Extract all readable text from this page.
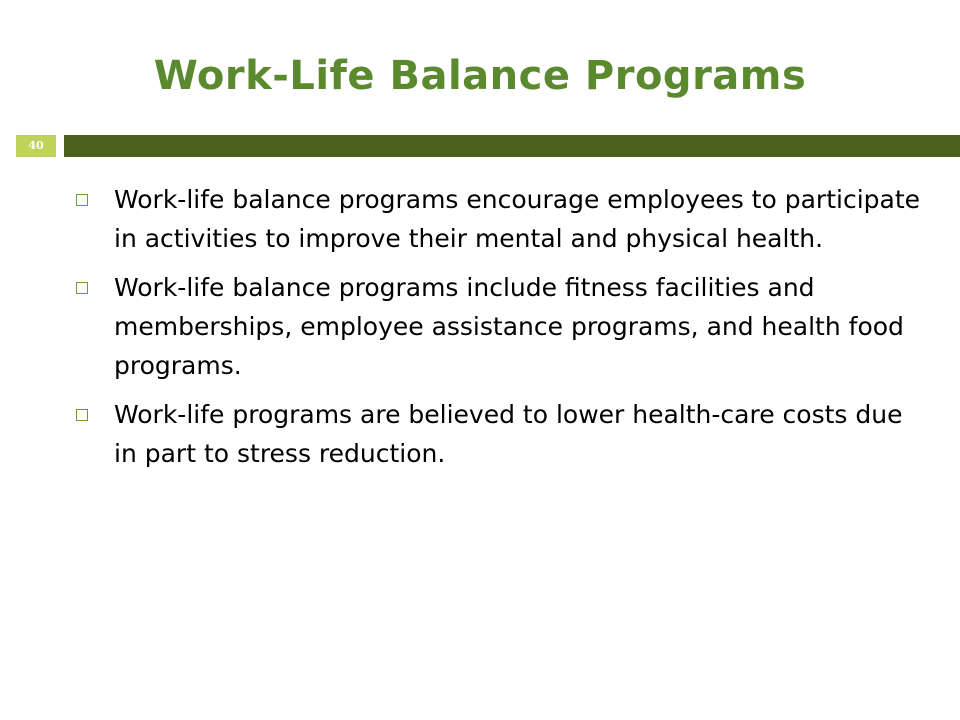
Work-Life Balance Programs
40
Work-life balance programs encourage employees to participate in activities to improve their mental and physical health.
Work-life balance programs include fitness facilities and memberships, employee assistance programs, and health food programs.
Work-life programs are believed to lower health-care costs due in part to stress reduction.
